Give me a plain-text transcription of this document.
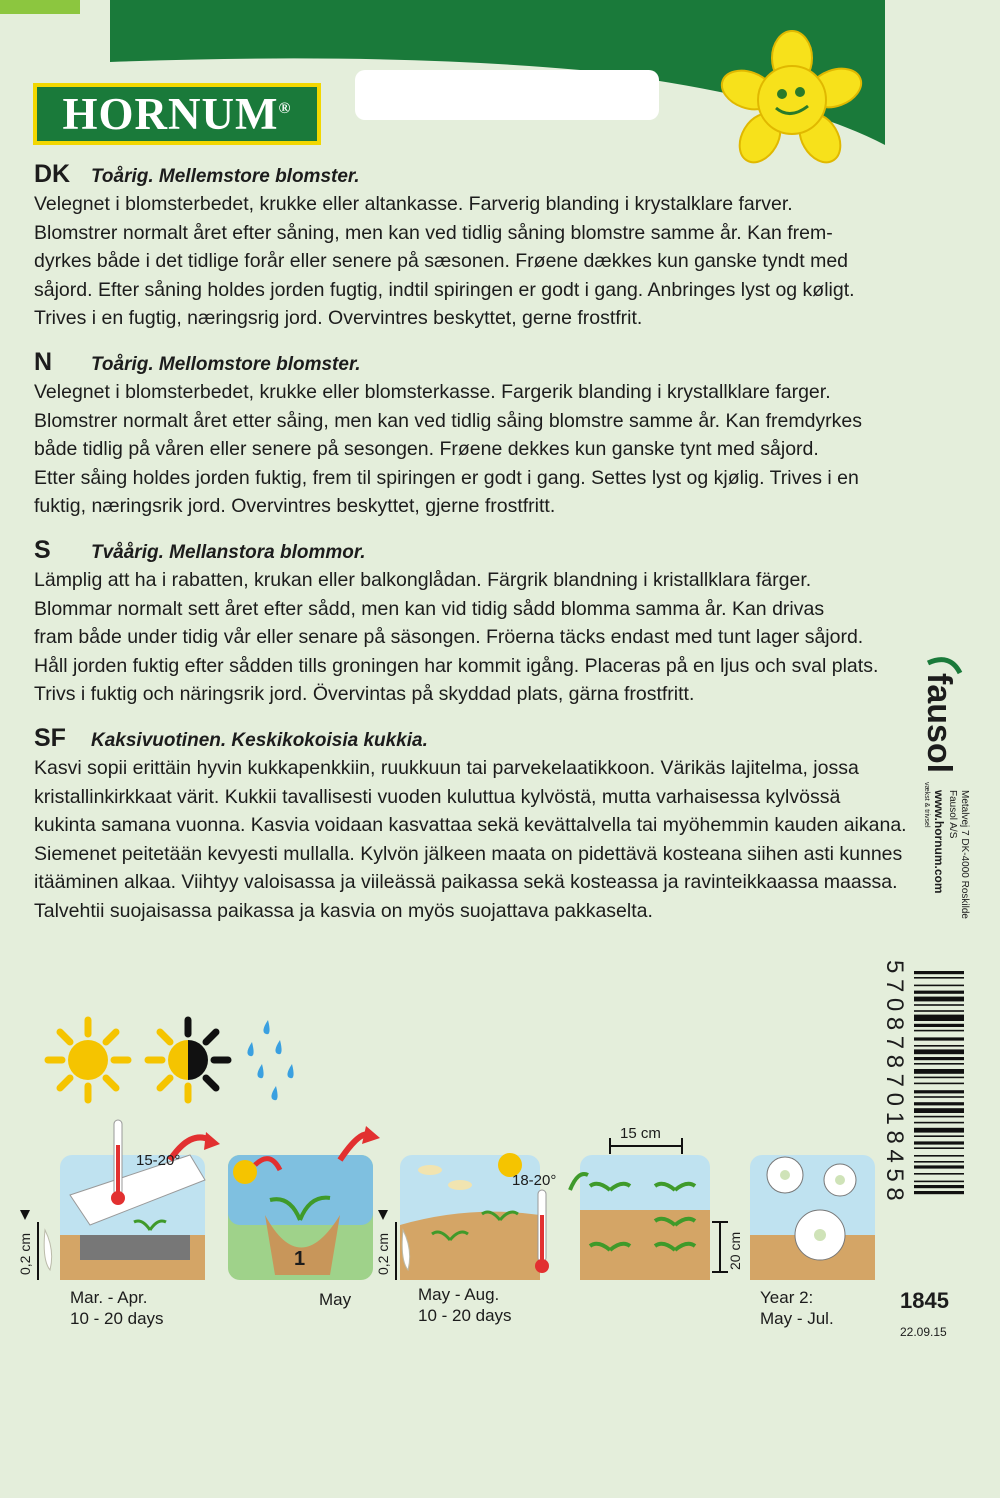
HORNUM®
DK	Toårig. Mellemstore blomster.

Velegnet i blomsterbedet, krukke eller altankasse. Farverig blanding i krystalklare farver.
Blomstrer normalt året efter såning, men kan ved tidlig såning blomstre samme år. Kan frem-
dyrkes både i det tidlige forår eller senere på sæsonen. Frøene dækkes kun ganske tyndt med
såjord. Efter såning holdes jorden fugtig, indtil spiringen er godt i gang. Anbringes lyst og køligt.
Trives i en fugtig, næringsrig jord. Overvintres beskyttet, gerne frostfrit.

N	Toårig. Mellomstore blomster.

Velegnet i blomsterbedet, krukke eller blomsterkasse. Fargerik blanding i krystallklare farger.
Blomstrer normalt året etter såing, men kan ved tidlig såing blomstre samme år. Kan fremdyrkes
både tidlig på våren eller senere på sesongen. Frøene dekkes kun ganske tynt med såjord.
Etter såing holdes jorden fuktig, frem til spiringen er godt i gang. Settes lyst og kjølig. Trives i en
fuktig, næringsrik jord. Overvintres beskyttet, gjerne frostfritt.

S	Tvåårig. Mellanstora blommor.

Lämplig att ha i rabatten, krukan eller balkonglådan. Färgrik blandning i kristallklara färger.
Blommar normalt sett året efter sådd, men kan vid tidig sådd blomma samma år. Kan drivas
fram både under tidig vår eller senare på säsongen. Fröerna täcks endast med tunt lager såjord.
Håll jorden fuktig efter sådden tills groningen har kommit igång. Placeras på en ljus och sval plats.
Trivs i fuktig och näringsrik jord. Övervintas på skyddad plats, gärna frostfritt.

SF	Kaksivuotinen. Keskikokoisia kukkia.

Kasvi sopii erittäin hyvin kukkapenkkiin, ruukkuun tai parvekelaatikkoon. Värikäs lajitelma, jossa
kristallinkirkkaat värit. Kukkii tavallisesti vuoden kuluttua kylvöstä, mutta varhaisessa kylvössä
kukinta samana vuonna. Kasvia voidaan kasvattaa sekä kevättalvella tai myöhemmin kauden aikana.
Siemenet peitetään kevyesti mullalla. Kylvön jälkeen maata on pidettävä kosteana siihen asti kunnes
itääminen alkaa. Viihtyy valoisassa ja viileässä paikassa sekä kosteassa ja ravinteikkaassa maassa.
Talvehtii suojaisassa paikassa ja kasvia on myös suojattava pakkaselta.

fausol
vækst & trivsel Fausol A/S Metalvej 7 DK-4000 Roskilde
www.hornum.com
5708787018458
1845
22.09.15
15-20°
0,2 cm
Mar. - Apr.
10 - 20 days
1
May
18-20°
0,2 cm
May - Aug.
10 - 20 days
15 cm
20 cm
Year 2:
May - Jul.
